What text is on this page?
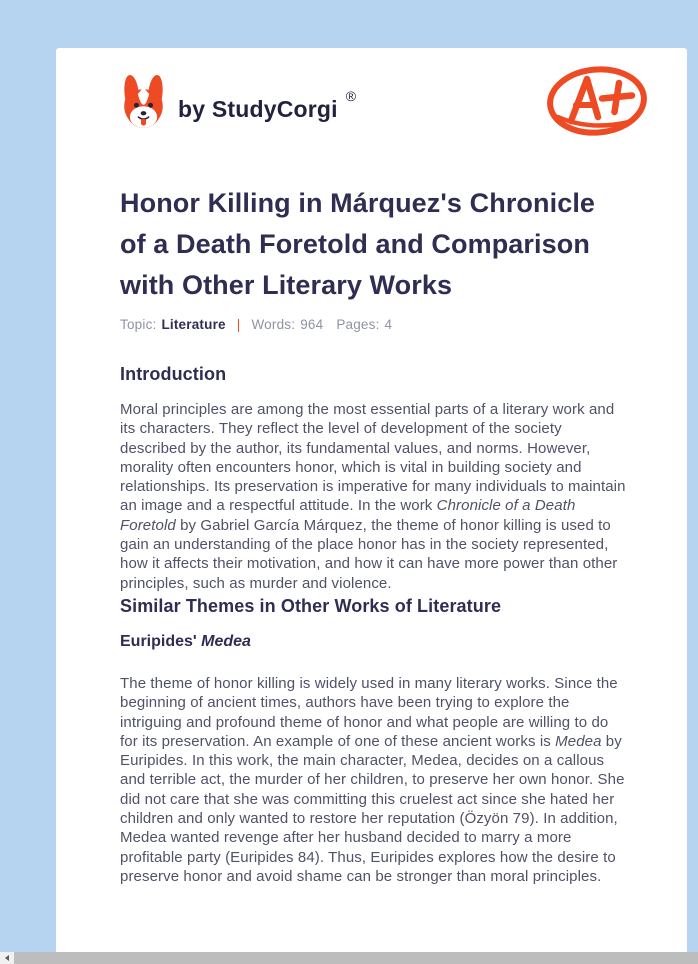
by StudyCorgi ®
Honor Killing in Márquez's Chronicle of a Death Foretold and Comparison with Other Literary Works
Topic: Literature | Words: 964 Pages: 4
Introduction

Moral principles are among the most essential parts of a literary work and its characters. They reflect the level of development of the society described by the author, its fundamental values, and norms. However, morality often encounters honor, which is vital in building society and relationships. Its preservation is imperative for many individuals to maintain an image and a respectful attitude. In the work Chronicle of a Death Foretold by Gabriel García Márquez, the theme of honor killing is used to gain an understanding of the place honor has in the society represented, how it affects their motivation, and how it can have more power than other principles, such as murder and violence.

Similar Themes in Other Works of Literature
Euripides' Medea

The theme of honor killing is widely used in many literary works. Since the beginning of ancient times, authors have been trying to explore the intriguing and profound theme of honor and what people are willing to do for its preservation. An example of one of these ancient works is Medea by Euripides. In this work, the main character, Medea, decides on a callous and terrible act, the murder of her children, to preserve her own honor. She did not care that she was committing this cruelest act since she hated her children and only wanted to restore her reputation (Özyön 79). In addition, Medea wanted revenge after her husband decided to marry a more profitable party (Euripides 84). Thus, Euripides explores how the desire to preserve honor and avoid shame can be stronger than moral principles.
